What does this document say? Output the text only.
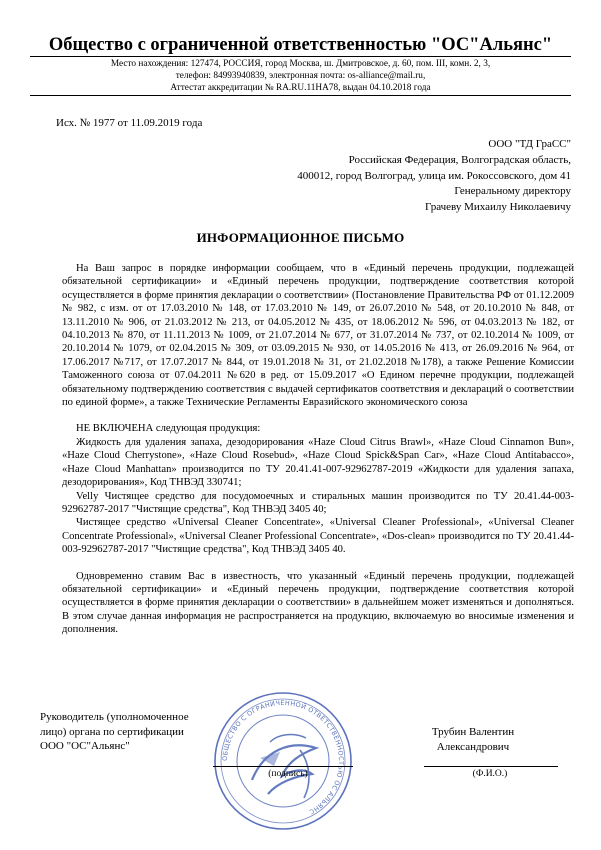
Общество с ограниченной ответственностью "ОС"Альянс"
Место нахождения: 127474, РОССИЯ, город Москва, ш. Дмитровское, д. 60, пом. III, комн. 2, 3,
телефон: 84993940839, электронная почта: os-alliance@mail.ru,
Аттестат аккредитации № RA.RU.11HA78, выдан 04.10.2018 года
Исх. № 1977 от 11.09.2019 года
ООО "ТД ГраСС"
Российская Федерация, Волгоградская область,
400012, город Волгоград, улица им. Рокоссовского, дом 41
Генеральному директору
Грачеву Михаилу Николаевичу
ИНФОРМАЦИОННОЕ ПИСЬМО

На Ваш запрос в порядке информации сообщаем, что в «Единый перечень продукции, подлежащей обязательной сертификации» и «Единый перечень продукции, подтверждение соответствия которой осуществляется в форме принятия декларации о соответствии» (Постановление Правительства РФ от 01.12.2009 № 982, с изм. от от 17.03.2010 № 148, от 17.03.2010 № 149, от 26.07.2010 № 548, от 20.10.2010 № 848, от 13.11.2010 № 906, от 21.03.2012 № 213, от 04.05.2012 № 435, от 18.06.2012 № 596, от 04.03.2013 № 182, от 04.10.2013 № 870, от 11.11.2013 № 1009, от 21.07.2014 № 677, от 31.07.2014 № 737, от 02.10.2014 № 1009, от 20.10.2014 № 1079, от 02.04.2015 № 309, от 03.09.2015 № 930, от 14.05.2016 № 413, от 26.09.2016 № 964, от 17.06.2017 №717, от 17.07.2017 № 844, от 19.01.2018 № 31, от 21.02.2018 №178), а также Решение Комиссии Таможенного союза от 07.04.2011 №620 в ред. от 15.09.2017 «О Едином перечне продукции, подлежащей обязательному подтверждению соответствия с выдачей сертификатов соответствия и деклараций о соответствии по единой форме», а также Технические Регламенты Евразийского экономического союза

НЕ ВКЛЮЧЕНА следующая продукция:

Жидкость для удаления запаха, дезодорирования «Haze Cloud Citrus Brawl», «Haze Cloud Cinnamon Bun», «Haze Cloud Cherrystone», «Haze Cloud Rosebud», «Haze Cloud Spick&Span Car», «Haze Cloud Antitabacco», «Haze Cloud Manhattan» производится по ТУ 20.41.41-007-92962787-2019 «Жидкости для удаления запаха, дезодорирования», Код ТНВЭД 330741;

Velly Чистящее средство для посудомоечных и стиральных машин производится по ТУ 20.41.44-003-92962787-2017 "Чистящие средства", Код ТНВЭД 3405 40;

Чистящее средство «Universal Cleaner Concentrate», «Universal Cleaner Professional», «Universal Cleaner Concentrate Professional», «Universal Cleaner Professional Concentrate», «Dos-clean» производится по ТУ 20.41.44-003-92962787-2017 "Чистящие средства", Код ТНВЭД 3405 40.

Одновременно ставим Вас в известность, что указанный «Единый перечень продукции, подлежащей обязательной сертификации» и «Единый перечень продукции, подтверждение соответствия которой осуществляется в форме принятия декларации о соответствии» в дальнейшем может изменяться и дополняться. В этом случае данная информация не распространяется на продукцию, включаемую во вносимые изменения и дополнения.

Руководитель (уполномоченное
лицо) органа по сертификации
ООО "ОС"Альянс"
ОБЩЕСТВО С ОГРАНИЧЕННОЙ ОТВЕТСТВЕННОСТЬЮ ОС АЛЬЯНС
Трубин Валентин
Александрович
(подпись)	(Ф.И.О.)
